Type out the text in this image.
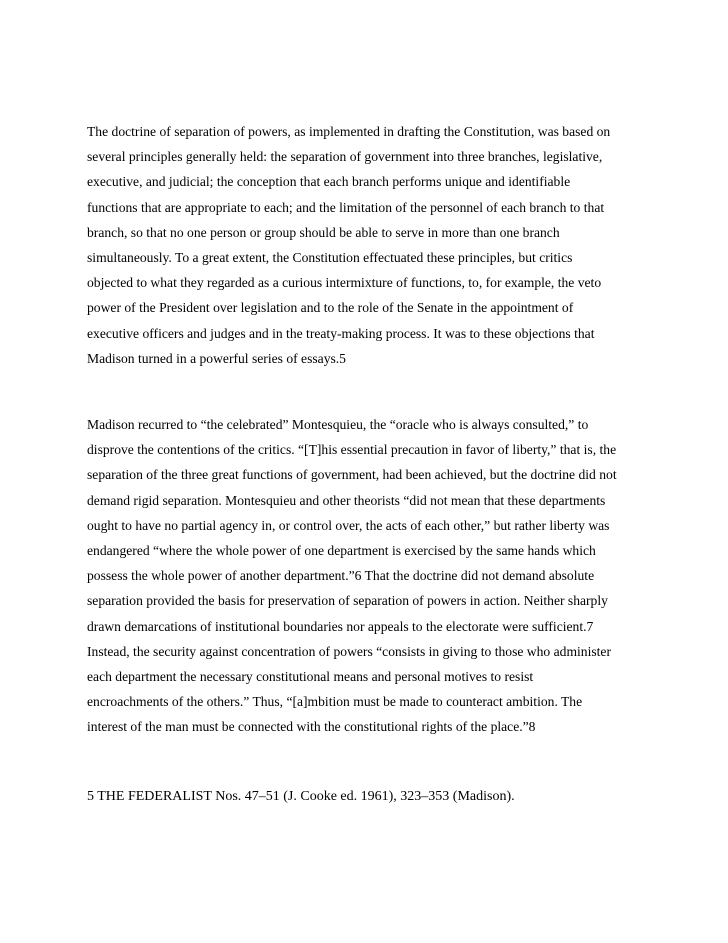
The doctrine of separation of powers, as implemented in drafting the Constitution, was based on
several principles generally held: the separation of government into three branches, legislative,
executive, and judicial; the conception that each branch performs unique and identifiable
functions that are appropriate to each; and the limitation of the personnel of each branch to that
branch, so that no one person or group should be able to serve in more than one branch
simultaneously. To a great extent, the Constitution effectuated these principles, but critics
objected to what they regarded as a curious intermixture of functions, to, for example, the veto
power of the President over legislation and to the role of the Senate in the appointment of
executive officers and judges and in the treaty-making process. It was to these objections that
Madison turned in a powerful series of essays.5
Madison recurred to “the celebrated” Montesquieu, the “oracle who is always consulted,” to
disprove the contentions of the critics. “[T]his essential precaution in favor of liberty,” that is, the
separation of the three great functions of government, had been achieved, but the doctrine did not
demand rigid separation. Montesquieu and other theorists “did not mean that these departments
ought to have no partial agency in, or control over, the acts of each other,” but rather liberty was
endangered “where the whole power of one department is exercised by the same hands which
possess the whole power of another department.”6 That the doctrine did not demand absolute
separation provided the basis for preservation of separation of powers in action. Neither sharply
drawn demarcations of institutional boundaries nor appeals to the electorate were sufficient.7
Instead, the security against concentration of powers “consists in giving to those who administer
each department the necessary constitutional means and personal motives to resist
encroachments of the others.” Thus, “[a]mbition must be made to counteract ambition. The
interest of the man must be connected with the constitutional rights of the place.”8
5 THE FEDERALIST Nos. 47–51 (J. Cooke ed. 1961), 323–353 (Madison).
